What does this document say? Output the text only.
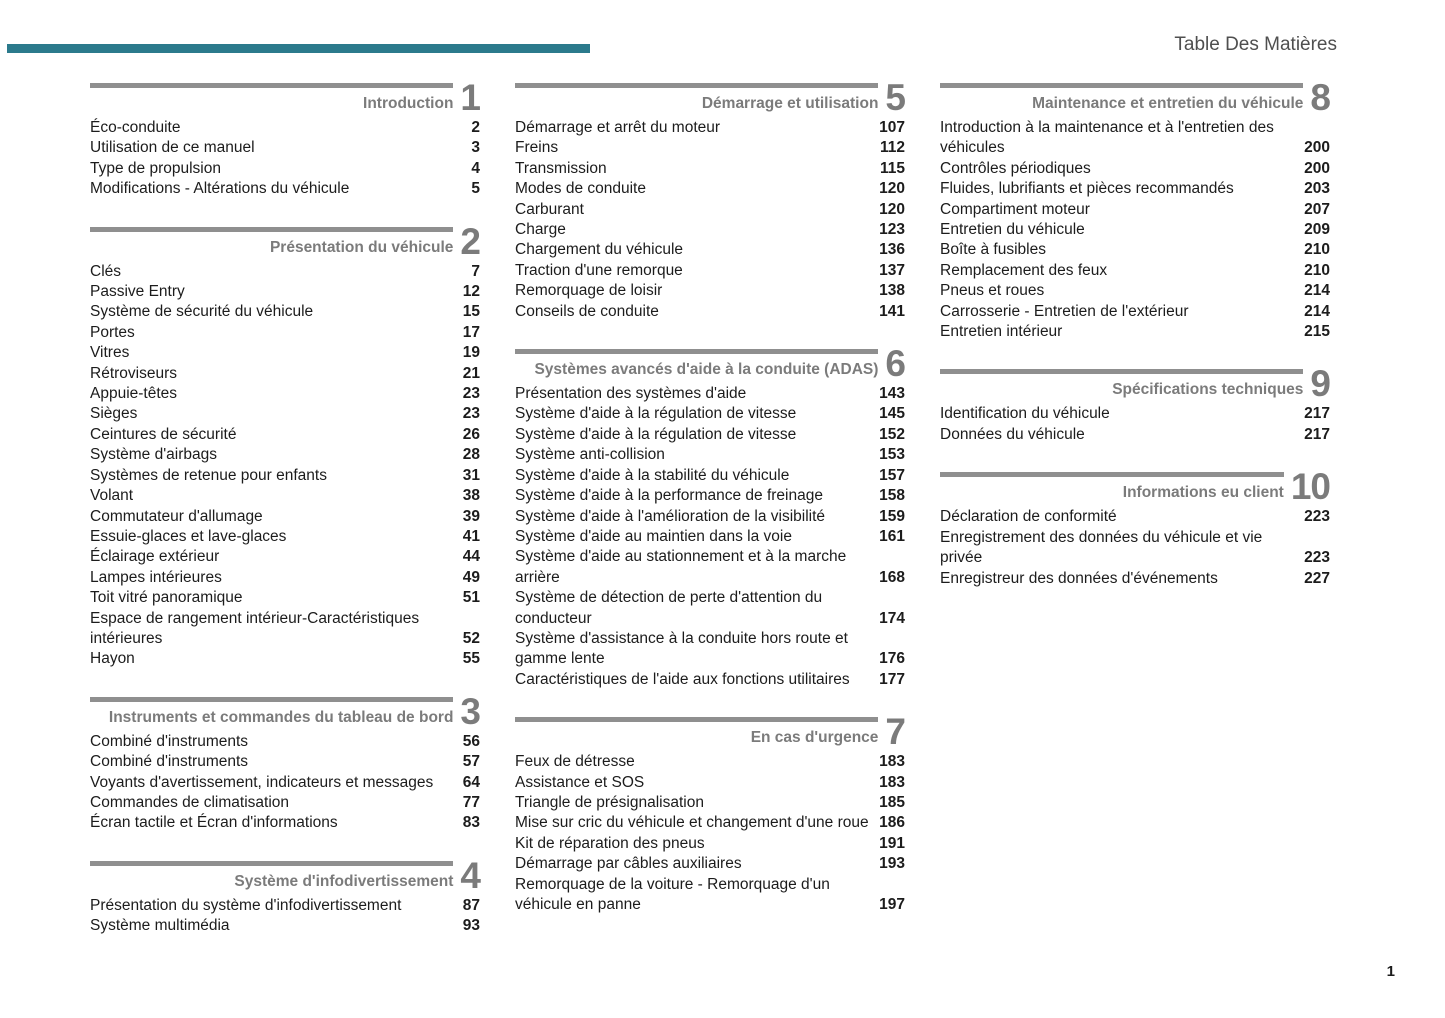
Table Des Matières
Introduction 1
Éco-conduite	2
Utilisation de ce manuel	3
Type de propulsion	4
Modifications - Altérations du véhicule	5
Présentation du véhicule 2
Clés	7
Passive Entry	12
Système de sécurité du véhicule	15
Portes	17
Vitres	19
Rétroviseurs	21
Appuie-têtes	23
Sièges	23
Ceintures de sécurité	26
Système d'airbags	28
Systèmes de retenue pour enfants	31
Volant	38
Commutateur d'allumage	39
Essuie-glaces et lave-glaces	41
Éclairage extérieur	44
Lampes intérieures	49
Toit vitré panoramique	51
Espace de rangement intérieur-Caractéristiques intérieures	52
Hayon	55
Instruments et commandes du tableau de bord 3
Combiné d'instruments	56
Combiné d'instruments	57
Voyants d'avertissement, indicateurs et messages	64
Commandes de climatisation	77
Écran tactile et Écran d'informations	83
Système d'infodivertissement 4
Présentation du système d'infodivertissement	87
Système multimédia	93
Démarrage et utilisation 5
Démarrage et arrêt du moteur	107
Freins	112
Transmission	115
Modes de conduite	120
Carburant	120
Charge	123
Chargement du véhicule	136
Traction d'une remorque	137
Remorquage de loisir	138
Conseils de conduite	141
Systèmes avancés d'aide à la conduite (ADAS) 6
Présentation des systèmes d'aide	143
Système d'aide à la régulation de vitesse	145
Système d'aide à la régulation de vitesse	152
Système anti-collision	153
Système d'aide à la stabilité du véhicule	157
Système d'aide à la performance de freinage	158
Système d'aide à l'amélioration de la visibilité	159
Système d'aide au maintien dans la voie	161
Système d'aide au stationnement et à la marche arrière	168
Système de détection de perte d'attention du conducteur	174
Système d'assistance à la conduite hors route et gamme lente	176
Caractéristiques de l'aide aux fonctions utilitaires	177
En cas d'urgence 7
Feux de détresse	183
Assistance et SOS	183
Triangle de présignalisation	185
Mise sur cric du véhicule et changement d'une roue 186
Kit de réparation des pneus	191
Démarrage par câbles auxiliaires	193
Remorquage de la voiture - Remorquage d'un véhicule en panne	197
Maintenance et entretien du véhicule 8
Introduction à la maintenance et à l'entretien des véhicules	200
Contrôles périodiques	200
Fluides, lubrifiants et pièces recommandés	203
Compartiment moteur	207
Entretien du véhicule	209
Boîte à fusibles	210
Remplacement des feux	210
Pneus et roues	214
Carrosserie - Entretien de l'extérieur	214
Entretien intérieur	215
Spécifications techniques 9
Identification du véhicule	217
Données du véhicule	217
Informations eu client 10
Déclaration de conformité	223
Enregistrement des données du véhicule et vie privée	223
Enregistreur des données d'événements	227
1
